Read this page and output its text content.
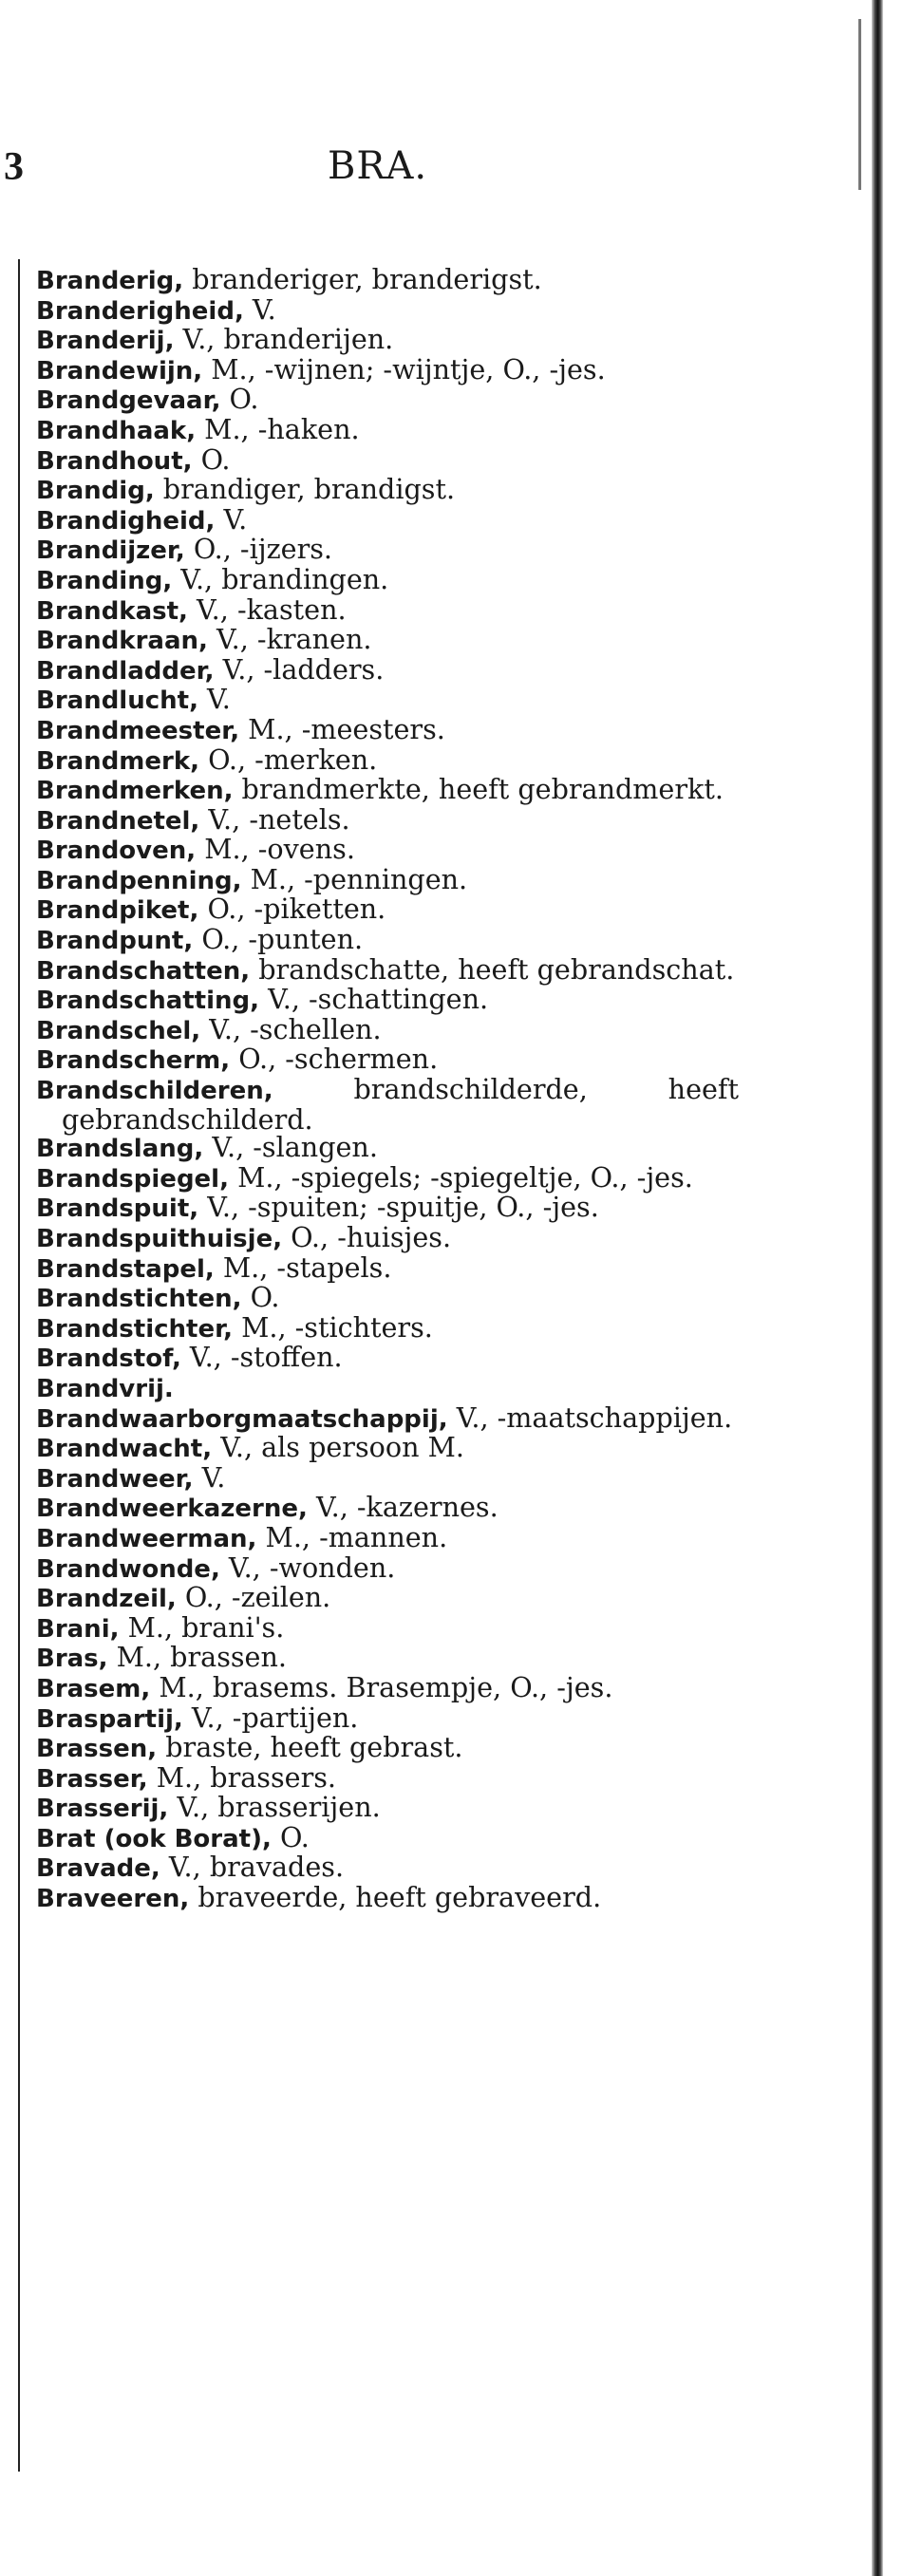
3	BRA.
Branderig, branderiger, branderigst.
Branderigheid, V.
Branderij, V., branderijen.
Brandewijn, M., -wijnen; -wijntje, O., -jes.
Brandgevaar, O.
Brandhaak, M., -haken.
Brandhout, O.
Brandig, brandiger, brandigst.
Brandigheid, V.
Brandijzer, O., -ijzers.
Branding, V., brandingen.
Brandkast, V., -kasten.
Brandkraan, V., -kranen.
Brandladder, V., -ladders.
Brandlucht, V.
Brandmeester, M., -meesters.
Brandmerk, O., -merken.
Brandmerken, brandmerkte, heeft gebrandmerkt.
Brandnetel, V., -netels.
Brandoven, M., -ovens.
Brandpenning, M., -penningen.
Brandpiket, O., -piketten.
Brandpunt, O., -punten.
Brandschatten, brandschatte, heeft gebrandschat.
Brandschatting, V., -schattingen.
Brandschel, V., -schellen.
Brandscherm, O., -schermen.
Brandschilderen, brandschilderde, heeft gebrandschilderd.
Brandslang, V., -slangen.
Brandspiegel, M., -spiegels; -spiegeltje, O., -jes.
Brandspuit, V., -spuiten; -spuitje, O., -jes.
Brandspuithuisje, O., -huisjes.
Brandstapel, M., -stapels.
Brandstichten, O.
Brandstichter, M., -stichters.
Brandstof, V., -stoffen.
Brandvrij.
Brandwaarborgmaatschappij, V., -maatschappijen.
Brandwacht, V., als persoon M.
Brandweer, V.
Brandweerkazerne, V., -kazernes.
Brandweerman, M., -mannen.
Brandwonde, V., -wonden.
Brandzeil, O., -zeilen.
Brani, M., brani's.
Bras, M., brassen.
Brasem, M., brasems. Brasempje, O., -jes.
Braspartij, V., -partijen.
Brassen, braste, heeft gebrast.
Brasser, M., brassers.
Brasserij, V., brasserijen.
Brat (ook Borat), O.
Bravade, V., bravades.
Braveeren, braveerde, heeft gebraveerd.
